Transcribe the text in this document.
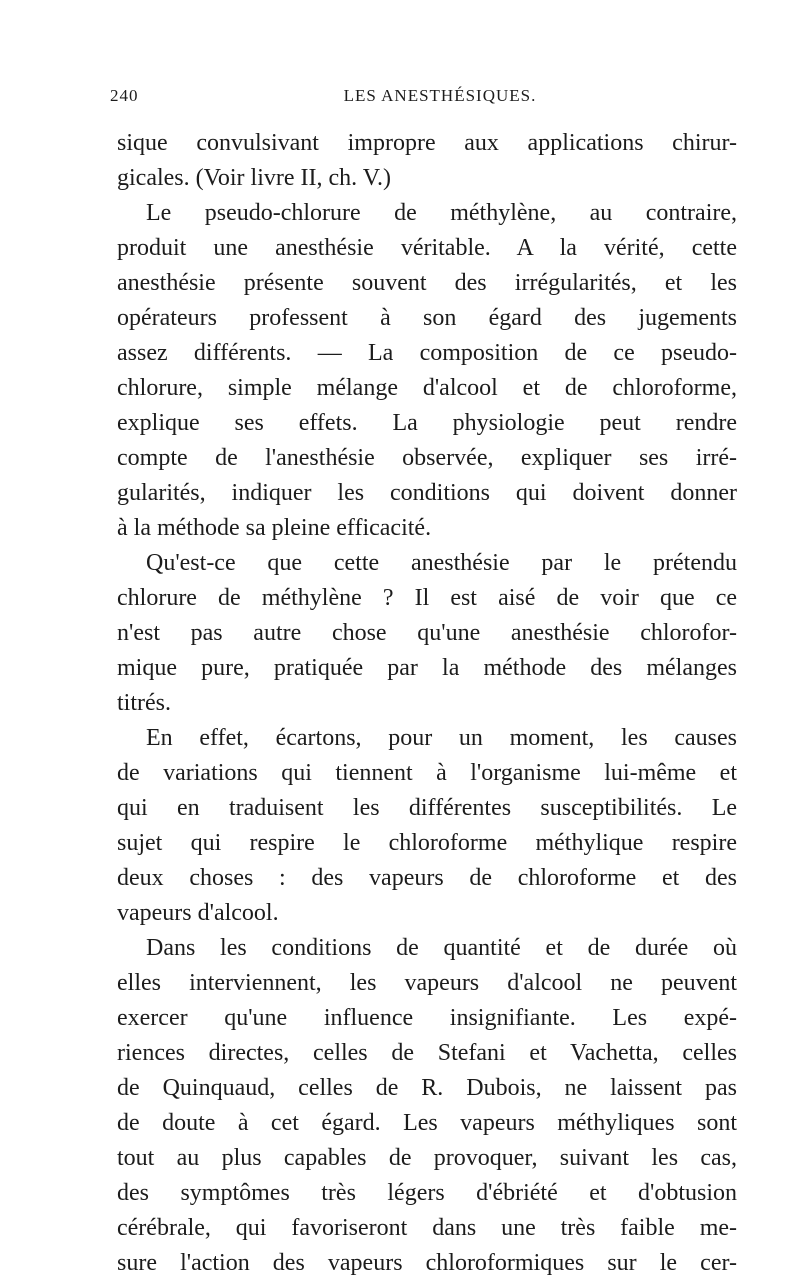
240	LES ANESTHÉSIQUES.
sique convulsivant impropre aux applications chirur-
gicales. (Voir livre II, ch. V.)
Le pseudo-chlorure de méthylène, au contraire,
produit une anesthésie véritable. A la vérité, cette
anesthésie présente souvent des irrégularités, et les
opérateurs professent à son égard des jugements
assez différents. — La composition de ce pseudo-
chlorure, simple mélange d'alcool et de chloroforme,
explique ses effets. La physiologie peut rendre
compte de l'anesthésie observée, expliquer ses irré-
gularités, indiquer les conditions qui doivent donner
à la méthode sa pleine efficacité.
Qu'est-ce que cette anesthésie par le prétendu
chlorure de méthylène ? Il est aisé de voir que ce
n'est pas autre chose qu'une anesthésie chlorofor-
mique pure, pratiquée par la méthode des mélanges
titrés.
En effet, écartons, pour un moment, les causes
de variations qui tiennent à l'organisme lui-même et
qui en traduisent les différentes susceptibilités. Le
sujet qui respire le chloroforme méthylique respire
deux choses : des vapeurs de chloroforme et des
vapeurs d'alcool.
Dans les conditions de quantité et de durée où
elles interviennent, les vapeurs d'alcool ne peuvent
exercer qu'une influence insignifiante. Les expé-
riences directes, celles de Stefani et Vachetta, celles
de Quinquaud, celles de R. Dubois, ne laissent pas
de doute à cet égard. Les vapeurs méthyliques sont
tout au plus capables de provoquer, suivant les cas,
des symptômes très légers d'ébriété et d'obtusion
cérébrale, qui favoriseront dans une très faible me-
sure l'action des vapeurs chloroformiques sur le cer-
